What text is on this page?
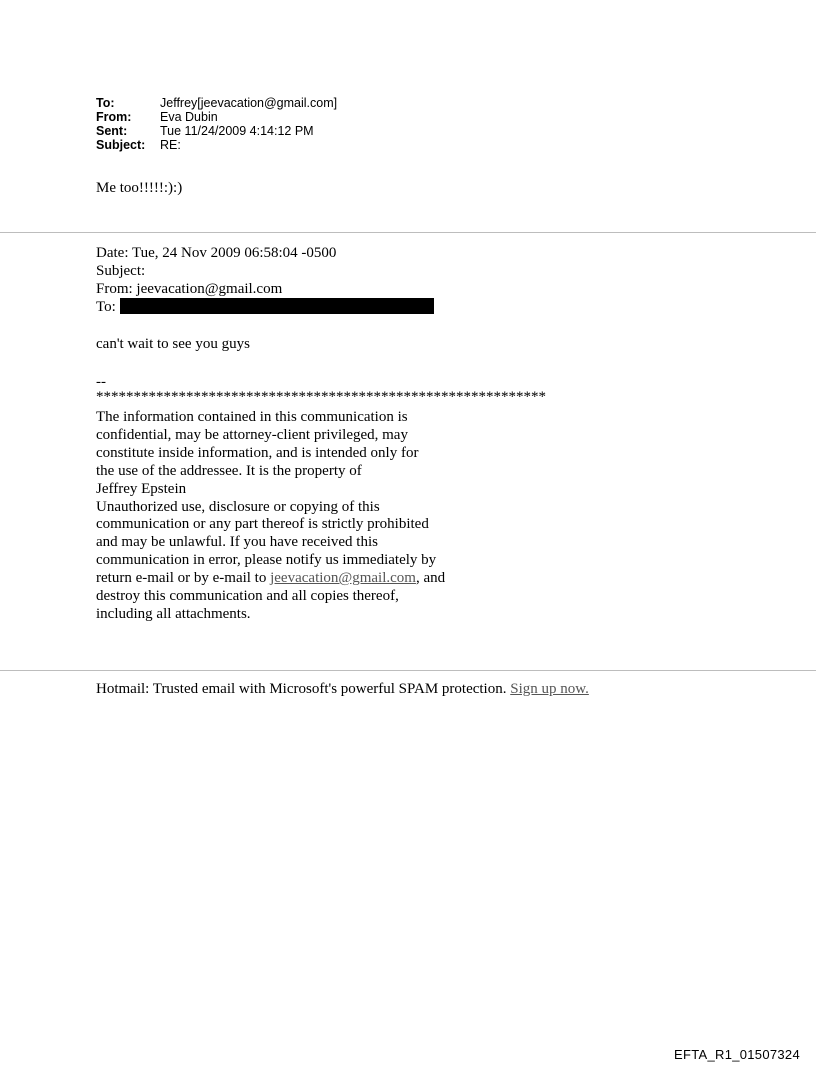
To:	Jeffrey[jeevacation@gmail.com]
From:	Eva Dubin
Sent:	Tue 11/24/2009 4:14:12 PM
Subject:	RE:
Me too!!!!!:):)
Date: Tue, 24 Nov 2009 06:58:04 -0500
Subject:
From: jeevacation@gmail.com
To:
can't wait to see you guys
--
************************************************************
The information contained in this communication is
confidential, may be attorney-client privileged, may
constitute inside information, and is intended only for
the use of the addressee. It is the property of
Jeffrey Epstein
Unauthorized use, disclosure or copying of this
communication or any part thereof is strictly prohibited
and may be unlawful. If you have received this
communication in error, please notify us immediately by
return e-mail or by e-mail to jeevacation@gmail.com, and
destroy this communication and all copies thereof,
including all attachments.
Hotmail: Trusted email with Microsoft's powerful SPAM protection. Sign up now.
EFTA_R1_01507324
